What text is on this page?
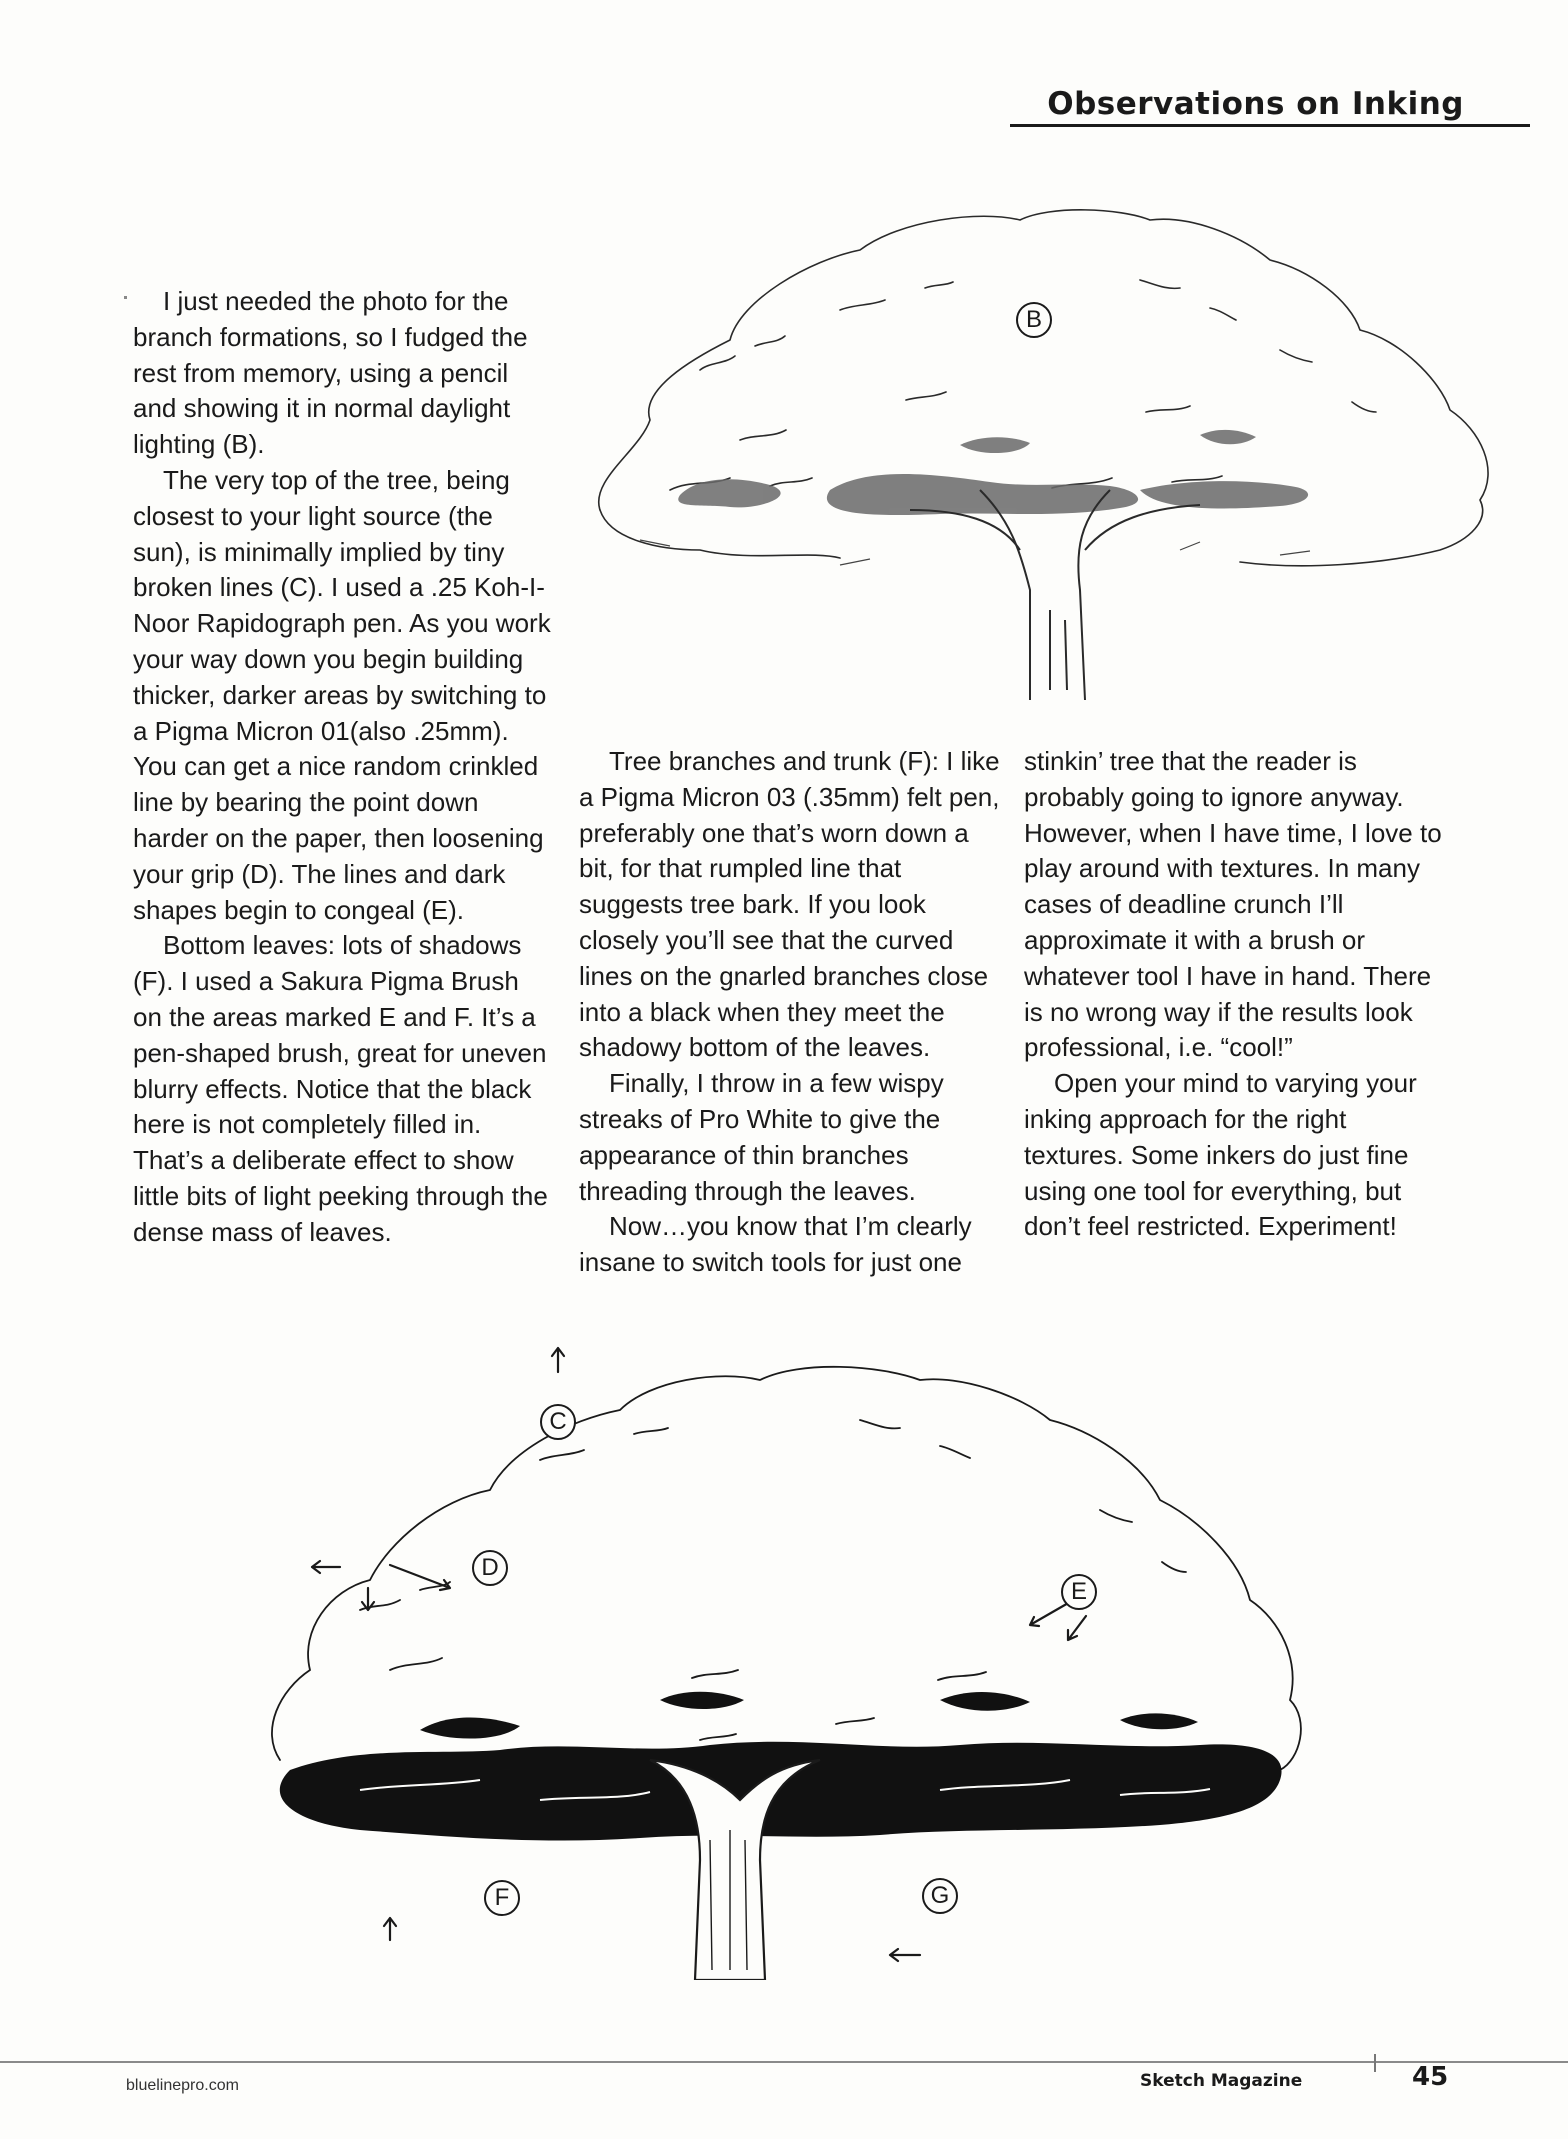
Observations on Inking
B

I just needed the photo for the branch formations, so I fudged the rest from memory, using a pencil and showing it in normal daylight lighting (B).

The very top of the tree, being closest to your light source (the sun), is minimally implied by tiny broken lines (C). I used a .25 Koh-I-Noor Rapidograph pen. As you work your way down you begin building thicker, darker areas by switching to a Pigma Micron 01(also .25mm). You can get a nice random crinkled line by bearing the point down harder on the paper, then loosening your grip (D). The lines and dark shapes begin to congeal (E).

Bottom leaves: lots of shadows (F). I used a Sakura Pigma Brush on the areas marked E and F. It’s a pen-shaped brush, great for uneven blurry effects. Notice that the black here is not completely filled in. That’s a deliberate effect to show little bits of light peeking through the dense mass of leaves.

Tree branches and trunk (F): I like a Pigma Micron 03 (.35mm) felt pen, preferably one that’s worn down a bit, for that rumpled line that suggests tree bark. If you look closely you’ll see that the curved lines on the gnarled branches close into a black when they meet the shadowy bottom of the leaves.

Finally, I throw in a few wispy streaks of Pro White to give the appearance of thin branches threading through the leaves.

Now…you know that I’m clearly insane to switch tools for just one

stinkin’ tree that the reader is probably going to ignore anyway. However, when I have time, I love to play around with textures. In many cases of deadline crunch I’ll approximate it with a brush or whatever tool I have in hand. There is no wrong way if the results look professional, i.e. “cool!”

Open your mind to varying your inking approach for the right textures. Some inkers do just fine using one tool for everything, but don’t feel restricted. Experiment!

C
D
E
F	G
bluelinepro.com	Sketch Magazine	45
